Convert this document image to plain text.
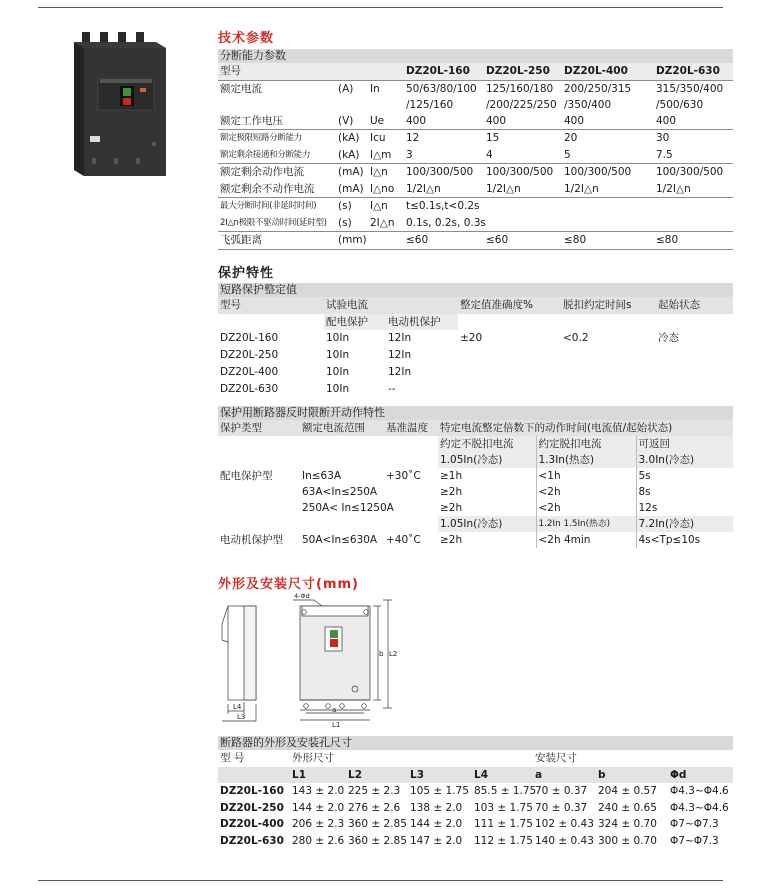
技术参数
分断能力参数
型号			DZ20L-160	DZ20L-250	DZ20L-400	DZ20L-630
额定电流	(A)	In	50/63/80/100 /125/160	125/160/180 /200/225/250	200/250/315 /350/400	315/350/400 /500/630
额定工作电压	(V)	Ue	400	400	400	400
额定极限短路分断能力	(kA)	Icu	12	15	20	30
额定剩余接通和分断能力	(kA)	I△m	3	4	5	7.5
额定剩余动作电流	(mA)	I△n	100/300/500	100/300/500	100/300/500	100/300/500
额定剩余不动作电流	(mA)	I△no	1/2I△n	1/2I△n	1/2I△n	1/2I△n
最大分断时间(非延时时间)	(s)	I△n	t≤0.1s,t<0.2s			
2I△n极限不驱动时间(延时型)	(s)	2I△n	0.1s, 0.2s, 0.3s			
飞弧距离	(mm)		≤60	≤60	≤80	≤80
保护特性
短路保护整定值
型号	试验电流		整定值准确度%	脱扣约定时间s	起始状态
	配电保护	电动机保护			
DZ20L-160	10In	12In	±20	<0.2	冷态
DZ20L-250	10In	12In			
DZ20L-400	10In	12In			
DZ20L-630	10In	--			
保护用断路器反时限断开动作特性
保护类型	额定电流范围	基准温度	特定电流整定倍数下的动作时间(电流值/起始状态)		
			约定不脱扣电流	约定脱扣电流	可返回
			1.05In(冷态)	1.3In(热态)	3.0In(冷态)
配电保护型	In≤63A	+30˚C	≥1h	<1h	5s
	63A<In≤250A		≥2h	<2h	8s
	250A< In≤1250A		≥2h	<2h	12s
			1.05In(冷态)	1.2In 1.5In(热态)	7.2In(冷态)
电动机保护型	50A<In≤630A	+40˚C	≥2h	<2h 4min	4s<Tp≤10s
外形及安装尺寸(mm)
4-Φd
b L2
L4
L3
a
L1
断路器的外形及安装孔尺寸
型 号	外形尺寸				安装尺寸		
	L1	L2	L3	L4	a	b	Φd
DZ20L-160	143 ± 2.0	225 ± 2.3	105 ± 1.75	85.5 ± 1.75	70 ± 0.37	204 ± 0.57	Φ4.3~Φ4.6
DZ20L-250	144 ± 2.0	276 ± 2.6	138 ± 2.0	103 ± 1.75	70 ± 0.37	240 ± 0.65	Φ4.3~Φ4.6
DZ20L-400	206 ± 2.3	360 ± 2.85	144 ± 2.0	111 ± 1.75	102 ± 0.43	324 ± 0.70	Φ7~Φ7.3
DZ20L-630	280 ± 2.6	360 ± 2.85	147 ± 2.0	112 ± 1.75	140 ± 0.43	300 ± 0.70	Φ7~Φ7.3
